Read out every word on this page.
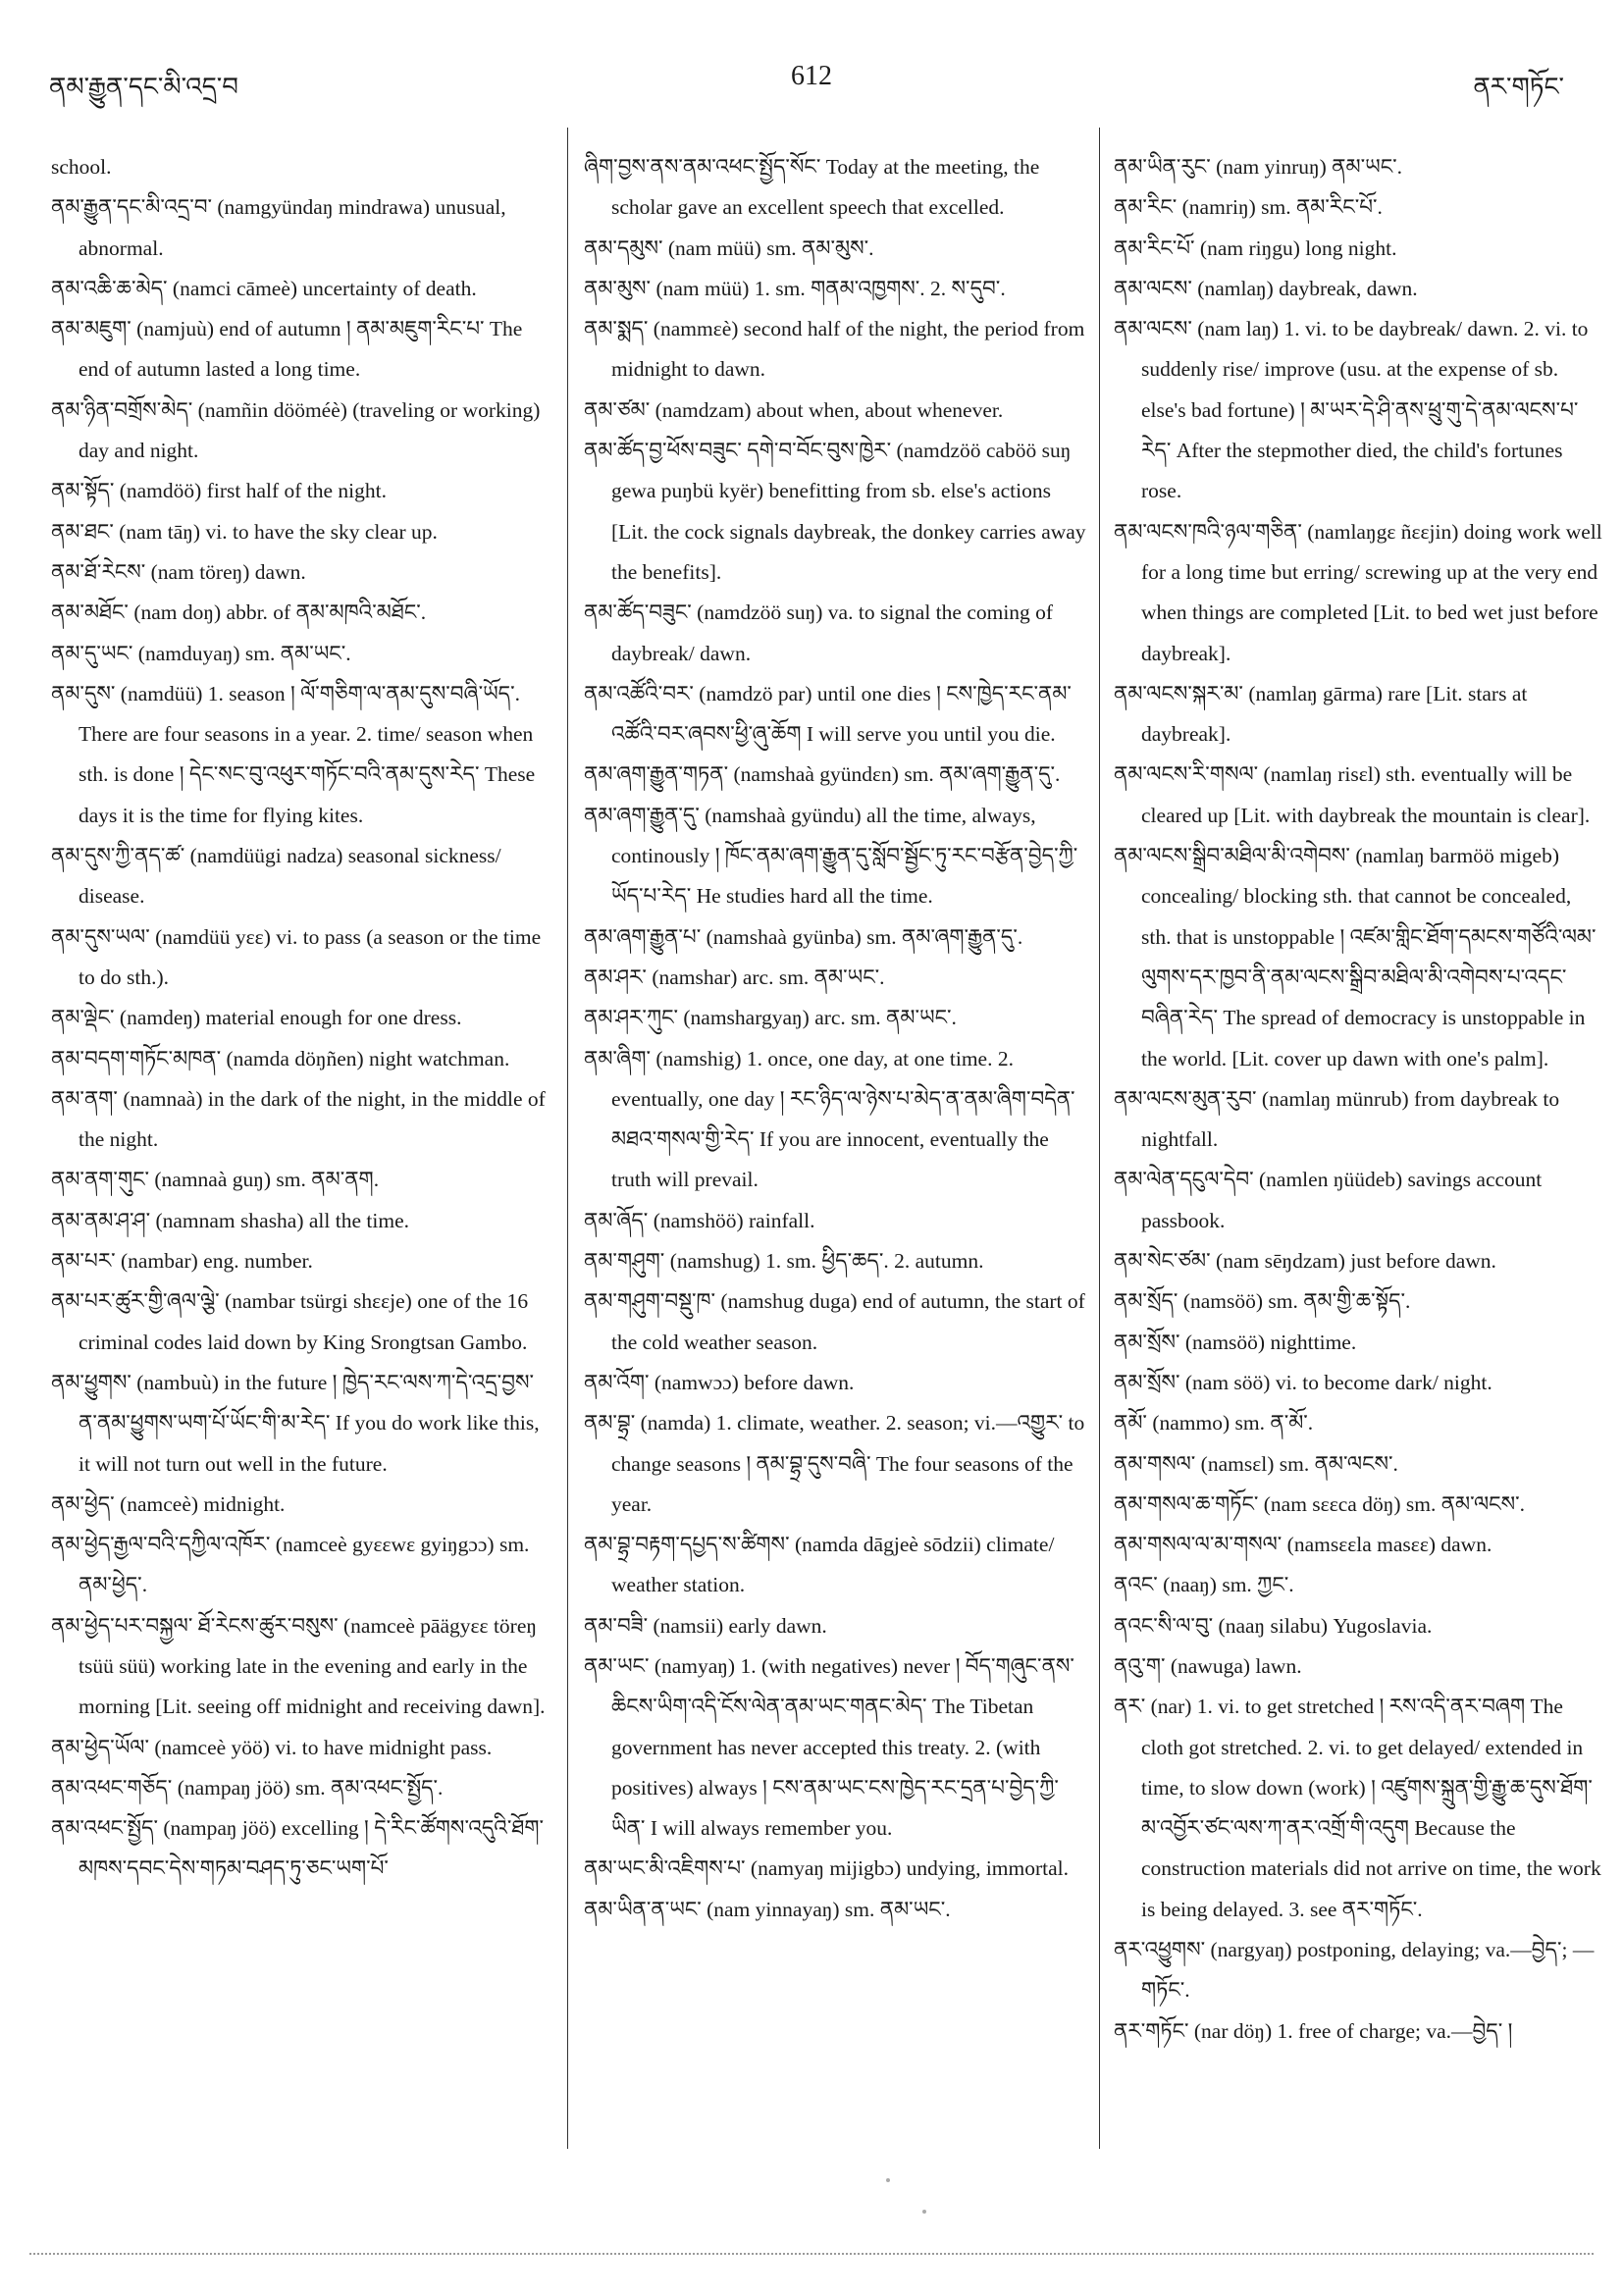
ནམ་རྒྱུན་དང་མི་འདྲ་བ	612	ནར་གཏོང་

school.

ནམ་རྒྱུན་དང་མི་འདྲ་བ་ (namgyündaŋ mindrawa) unusual, abnormal.

ནམ་འཆི་ཆ་མེད་ (namci cāmeè) uncertainty of death.

ནམ་མཇུག་ (namjuù) end of autumn ། ནམ་མཇུག་རིང་པ་ The end of autumn lasted a long time.

ནམ་ཉིན་བགྲོས་མེད་ (namñin dööméè) (traveling or working) day and night.

ནམ་སྟོད་ (namdöö) first half of the night.

ནམ་ཐང་ (nam tāŋ) vi. to have the sky clear up.

ནམ་ཐོ་རེངས་ (nam töreŋ) dawn.

ནམ་མཐོང་ (nam doŋ) abbr. of ནམ་མཁའི་མཐོང་.

ནམ་དུ་ཡང་ (namduyaŋ) sm. ནམ་ཡང་.

ནམ་དུས་ (namdüü) 1. season ། ལོ་གཅིག་ལ་ནམ་དུས་བཞི་ཡོད་. There are four seasons in a year. 2. time/ season when sth. is done ། དེང་སང་བུ་འཕུར་གཏོང་བའི་ནམ་དུས་རེད་ These days it is the time for flying kites.

ནམ་དུས་ཀྱི་ནད་ཚ་ (namdüügi nadza) seasonal sickness/ disease.

ནམ་དུས་ཡལ་ (namdüü yɛɛ) vi. to pass (a season or the time to do sth.).

ནམ་ལྡེང་ (namdeŋ) material enough for one dress.

ནམ་བདག་གཏོང་མཁན་ (namda döŋñen) night watchman.

ནམ་ནག་ (namnaà) in the dark of the night, in the middle of the night.

ནམ་ནག་གུང་ (namnaà guŋ) sm. ནམ་ནག.

ནམ་ནམ་ཤ་ཤ་ (namnam shasha) all the time.

ནམ་པར་ (nambar) eng. number.

ནམ་པར་ཚུར་གྱི་ཞལ་ལྕེ་ (nambar tsürgi shɛɛje) one of the 16 criminal codes laid down by King Srongtsan Gambo.

ནམ་ཕྱུགས་ (nambuù) in the future ། ཁྱེད་རང་ལས་ཀ་དེ་འདྲ་བྱས་ན་ནམ་ཕྱུགས་ཡག་པོ་ཡོང་གི་མ་རེད་ If you do work like this, it will not turn out well in the future.

ནམ་ཕྱེད་ (namceè) midnight.

ནམ་ཕྱེད་རྒྱལ་བའི་དཀྱིལ་འཁོར་ (namceè gyɛɛwɛ gyiŋgɔɔ) sm. ནམ་ཕྱེད་.

ནམ་ཕྱེད་པར་བསྐྱལ་ ཐོ་རེངས་ཚུར་བསུས་ (namceè pāägyɛɛ töreŋ tsüü süü) working late in the evening and early in the morning [Lit. seeing off midnight and receiving dawn].

ནམ་ཕྱེད་ཡོལ་ (namceè yöö) vi. to have midnight pass.

ནམ་འཕང་གཅོད་ (nampaŋ jöö) sm. ནམ་འཕང་སྤྱོད་.

ནམ་འཕང་སྤྱོད་ (nampaŋ jöö) excelling ། དེ་རིང་ཚོགས་འདུའི་ཐོག་མཁས་དབང་དེས་གཏམ་བཤད་ཏུ་ཅང་ཡག་པོ་

ཞིག་བྱས་ནས་ནམ་འཕང་སྤྱོད་སོང་ Today at the meeting, the scholar gave an excellent speech that excelled.

ནམ་དམུས་ (nam müü) sm. ནམ་མུས་.

ནམ་མུས་ (nam müü) 1. sm. གནམ་འཁྱགས་. 2. ས་དུབ་.

ནམ་སྨད་ (nammɛè) second half of the night, the period from midnight to dawn.

ནམ་ཙམ་ (namdzam) about when, about whenever.

ནམ་ཚོད་བྱ་ཕོས་བཟུང་ དགེ་བ་བོང་བུས་ཁྱེར་ (namdzöö caböö suŋ gewa puŋbü kyër) benefitting from sb. else's actions [Lit. the cock signals daybreak, the donkey carries away the benefits].

ནམ་ཚོད་བཟུང་ (namdzöö suŋ) va. to signal the coming of daybreak/ dawn.

ནམ་འཚོའི་བར་ (namdzö par) until one dies ། ངས་ཁྱེད་རང་ནམ་འཚོའི་བར་ཞབས་ཕྱི་ཞུ་ཆོག I will serve you until you die.

ནམ་ཞག་རྒྱུན་གཏན་ (namshaà gyündɛn) sm. ནམ་ཞག་རྒྱུན་དུ་.

ནམ་ཞག་རྒྱུན་དུ་ (namshaà gyündu) all the time, always, continously ། ཁོང་ནམ་ཞག་རྒྱུན་དུ་སློབ་སྦྱོང་ཏུ་རང་བརྩོན་བྱེད་ཀྱི་ཡོད་པ་རེད་ He studies hard all the time.

ནམ་ཞག་རྒྱུན་པ་ (namshaà gyünba) sm. ནམ་ཞག་རྒྱུན་དུ་.

ནམ་ཤར་ (namshar) arc. sm. ནམ་ཡང་.

ནམ་ཤར་ཀུང་ (namshargyaŋ) arc. sm. ནམ་ཡང་.

ནམ་ཞིག་ (namshig) 1. once, one day, at one time. 2. eventually, one day ། རང་ཉིད་ལ་ཉེས་པ་མེད་ན་ནམ་ཞིག་བདེན་མཐའ་གསལ་གྱི་རེད་ If you are innocent, eventually the truth will prevail.

ནམ་ཞོད་ (namshöö) rainfall.

ནམ་གཤུག་ (namshug) 1. sm. ཕྱིད་ཆད་. 2. autumn.

ནམ་གཤུག་བསྡུ་ཁ་ (namshug duga) end of autumn, the start of the cold weather season.

ནམ་འོག་ (namwɔɔ) before dawn.

ནམ་བྷྲ་ (namda) 1. climate, weather. 2. season; vi.—འགྱུར་ to change seasons ། ནམ་བྷྲ་དུས་བཞི་ The four seasons of the year.

ནམ་བྷྲ་བརྟག་དཔྱད་ས་ཚིགས་ (namda dāgjeè sōdzii) climate/ weather station.

ནམ་བཟི་ (namsii) early dawn.

ནམ་ཡང་ (namyaŋ) 1. (with negatives) never ། བོད་གཞུང་ནས་ཆིངས་ཡིག་འདི་ངོས་ལེན་ནམ་ཡང་གནང་མེད་ The Tibetan government has never accepted this treaty. 2. (with positives) always ། ངས་ནམ་ཡང་ངས་ཁྱེད་རང་དྲན་པ་བྱེད་ཀྱི་ཡིན་ I will always remember you.

ནམ་ཡང་མི་འཇིགས་པ་ (namyaŋ mijigbɔ) undying, immortal.

ནམ་ཡིན་ན་ཡང་ (nam yinnayaŋ) sm. ནམ་ཡང་.

ནམ་ཡིན་རུང་ (nam yinruŋ) ནམ་ཡང་.

ནམ་རིང་ (namriŋ) sm. ནམ་རིང་པོ་.

ནམ་རིང་པོ་ (nam riŋgu) long night.

ནམ་ལངས་ (namlaŋ) daybreak, dawn.

ནམ་ལངས་ (nam laŋ) 1. vi. to be daybreak/ dawn. 2. vi. to suddenly rise/ improve (usu. at the expense of sb. else's bad fortune) ། མ་ཡར་དེ་ཤི་ནས་ཕྲུ་གུ་དེ་ནམ་ལངས་པ་རེད་ After the stepmother died, the child's fortunes rose.

ནམ་ལངས་ཁའི་ཉལ་གཅིན་ (namlaŋgɛ ñɛɛjin) doing work well for a long time but erring/ screwing up at the very end when things are completed [Lit. to bed wet just before daybreak].

ནམ་ལངས་སྐར་མ་ (namlaŋ gārma) rare [Lit. stars at daybreak].

ནམ་ལངས་རི་གསལ་ (namlaŋ risɛl) sth. eventually will be cleared up [Lit. with daybreak the mountain is clear].

ནམ་ལངས་སྒྲིབ་མཐིལ་མི་འགེབས་ (namlaŋ barmöö migeb) concealing/ blocking sth. that cannot be concealed, sth. that is unstoppable ། འཛམ་གླིང་ཐོག་དམངས་གཙོའི་ལམ་ལུགས་དར་ཁྱབ་ནི་ནམ་ལངས་སྒྲིབ་མཐིལ་མི་འགེབས་པ་འདང་བཞིན་རེད་ The spread of democracy is unstoppable in the world. [Lit. cover up dawn with one's palm].

ནམ་ལངས་མུན་རུབ་ (namlaŋ münrub) from daybreak to nightfall.

ནམ་ལེན་དངུལ་དེབ་ (namlen ŋüüdeb) savings account passbook.

ནམ་སེང་ཙམ་ (nam sēŋdzam) just before dawn.

ནམ་སྲོད་ (namsöö) sm. ནམ་གྱི་ཆ་སྟོད་.

ནམ་སྲོས་ (namsöö) nighttime.

ནམ་སྲོས་ (nam söö) vi. to become dark/ night.

ནམོ་ (nammo) sm. ན་མོ་.

ནམ་གསལ་ (namsɛl) sm. ནམ་ལངས་.

ནམ་གསལ་ཆ་གཏོང་ (nam sɛɛca döŋ) sm. ནམ་ལངས་.

ནམ་གསལ་ལ་མ་གསལ་ (namsɛɛla masɛɛ) dawn.

ནའང་ (naaŋ) sm. ཀྱང་.

ནའང་སི་ལ་བུ་ (naaŋ silabu) Yugoslavia.

ནའུ་ག་ (nawuga) lawn.

ནར་ (nar) 1. vi. to get stretched ། རས་འདི་ནར་བཞག The cloth got stretched. 2. vi. to get delayed/ extended in time, to slow down (work) ། འཛུགས་སྐྲུན་གྱི་རྒྱུ་ཆ་དུས་ཐོག་མ་འབྱོར་ཙང་ལས་ཀ་ནར་འགྲོ་གི་འདུག Because the construction materials did not arrive on time, the work is being delayed. 3. see ནར་གཏོང་.

ནར་འཕྱུགས་ (nargyaŋ) postponing, delaying; va.—བྱེད་; —གཏོང་.

ནར་གཏོང་ (nar döŋ) 1. free of charge; va.—བྱེད་ །
